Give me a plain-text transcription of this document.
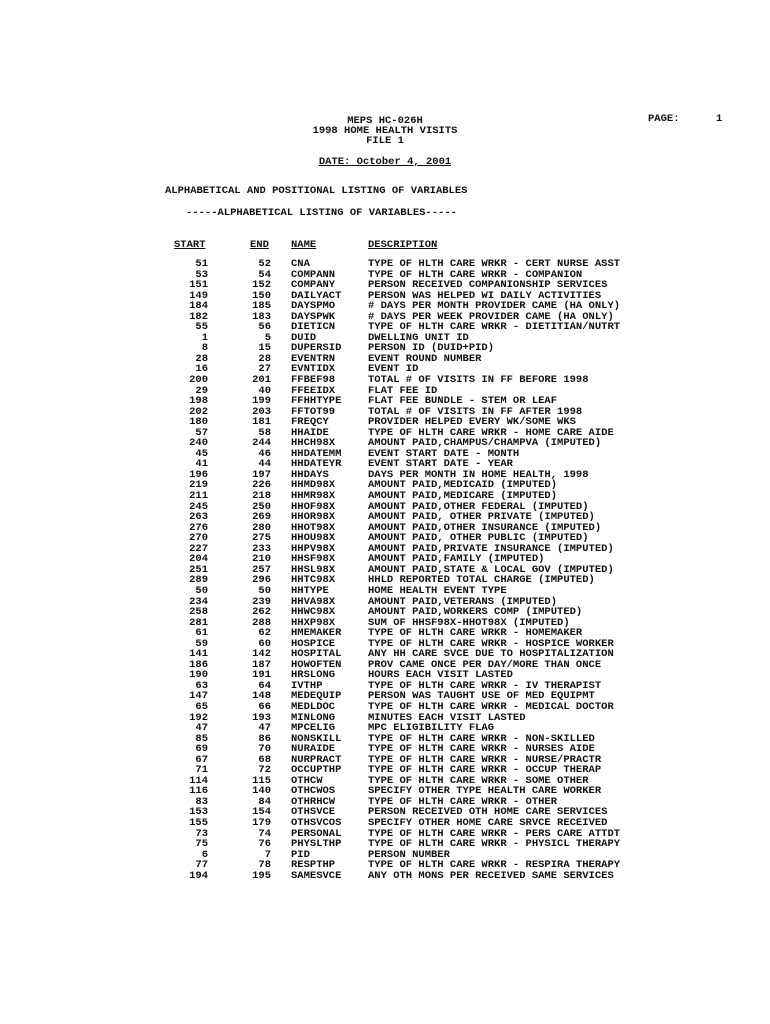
MEPS HC-026H	PAGE:	1
1998 HOME HEALTH VISITS
FILE 1
DATE: October 4, 2001
ALPHABETICAL AND POSITIONAL LISTING OF VARIABLES
-----ALPHABETICAL LISTING OF VARIABLES-----
START	END NAME	DESCRIPTION
51	52 CNA	TYPE OF HLTH CARE WRKR - CERT NURSE ASST
53	54 COMPANN	TYPE OF HLTH CARE WRKR - COMPANION
151	152 COMPANY	PERSON RECEIVED COMPANIONSHIP SERVICES
149	150 DAILYACT	PERSON WAS HELPED WI DAILY ACTIVITIES
184	185 DAYSPMO	# DAYS PER MONTH PROVIDER CAME (HA ONLY)
182	183 DAYSPWK	# DAYS PER WEEK PROVIDER CAME (HA ONLY)
55	56 DIETICN	TYPE OF HLTH CARE WRKR - DIETITIAN/NUTRT
1	5 DUID	DWELLING UNIT ID
8	15 DUPERSID	PERSON ID (DUID+PID)
28	28 EVENTRN	EVENT ROUND NUMBER
16	27 EVNTIDX	EVENT ID
200	201 FFBEF98	TOTAL # OF VISITS IN FF BEFORE 1998
29	40 FFEEIDX	FLAT FEE ID
198	199 FFHHTYPE	FLAT FEE BUNDLE - STEM OR LEAF
202	203 FFTOT99	TOTAL # OF VISITS IN FF AFTER 1998
180	181 FREQCY	PROVIDER HELPED EVERY WK/SOME WKS
57	58 HHAIDE	TYPE OF HLTH CARE WRKR - HOME CARE AIDE
240	244 HHCH98X	AMOUNT PAID,CHAMPUS/CHAMPVA (IMPUTED)
45	46 HHDATEMM	EVENT START DATE - MONTH
41	44 HHDATEYR	EVENT START DATE - YEAR
196	197 HHDAYS	DAYS PER MONTH IN HOME HEALTH, 1998
219	226 HHMD98X	AMOUNT PAID,MEDICAID (IMPUTED)
211	218 HHMR98X	AMOUNT PAID,MEDICARE (IMPUTED)
245	250 HHOF98X	AMOUNT PAID,OTHER FEDERAL (IMPUTED)
263	269 HHOR98X	AMOUNT PAID, OTHER PRIVATE (IMPUTED)
276	280 HHOT98X	AMOUNT PAID,OTHER INSURANCE (IMPUTED)
270	275 HHOU98X	AMOUNT PAID, OTHER PUBLIC (IMPUTED)
227	233 HHPV98X	AMOUNT PAID,PRIVATE INSURANCE (IMPUTED)
204	210 HHSF98X	AMOUNT PAID,FAMILY (IMPUTED)
251	257 HHSL98X	AMOUNT PAID,STATE & LOCAL GOV (IMPUTED)
289	296 HHTC98X	HHLD REPORTED TOTAL CHARGE (IMPUTED)
50	50 HHTYPE	HOME HEALTH EVENT TYPE
234	239 HHVA98X	AMOUNT PAID,VETERANS (IMPUTED)
258	262 HHWC98X	AMOUNT PAID,WORKERS COMP (IMPUTED)
281	288 HHXP98X	SUM OF HHSF98X-HHOT98X (IMPUTED)
61	62 HMEMAKER	TYPE OF HLTH CARE WRKR - HOMEMAKER
59	60 HOSPICE	TYPE OF HLTH CARE WRKR - HOSPICE WORKER
141	142 HOSPITAL	ANY HH CARE SVCE DUE TO HOSPITALIZATION
186	187 HOWOFTEN	PROV CAME ONCE PER DAY/MORE THAN ONCE
190	191 HRSLONG	HOURS EACH VISIT LASTED
63	64 IVTHP	TYPE OF HLTH CARE WRKR - IV THERAPIST
147	148 MEDEQUIP	PERSON WAS TAUGHT USE OF MED EQUIPMT
65	66 MEDLDOC	TYPE OF HLTH CARE WRKR - MEDICAL DOCTOR
192	193 MINLONG	MINUTES EACH VISIT LASTED
47	47 MPCELIG	MPC ELIGIBILITY FLAG
85	86 NONSKILL	TYPE OF HLTH CARE WRKR - NON-SKILLED
69	70 NURAIDE	TYPE OF HLTH CARE WRKR - NURSES AIDE
67	68 NURPRACT	TYPE OF HLTH CARE WRKR - NURSE/PRACTR
71	72 OCCUPTHP	TYPE OF HLTH CARE WRKR - OCCUP THERAP
114	115 OTHCW	TYPE OF HLTH CARE WRKR - SOME OTHER
116	140 OTHCWOS	SPECIFY OTHER TYPE HEALTH CARE WORKER
83	84 OTHRHCW	TYPE OF HLTH CARE WRKR - OTHER
153	154 OTHSVCE	PERSON RECEIVED OTH HOME CARE SERVICES
155	179 OTHSVCOS	SPECIFY OTHER HOME CARE SRVCE RECEIVED
73	74 PERSONAL	TYPE OF HLTH CARE WRKR - PERS CARE ATTDT
75	76 PHYSLTHP	TYPE OF HLTH CARE WRKR - PHYSICL THERAPY
6	7 PID	PERSON NUMBER
77	78 RESPTHP	TYPE OF HLTH CARE WRKR - RESPIRA THERAPY
194	195 SAMESVCE	ANY OTH MONS PER RECEIVED SAME SERVICES
